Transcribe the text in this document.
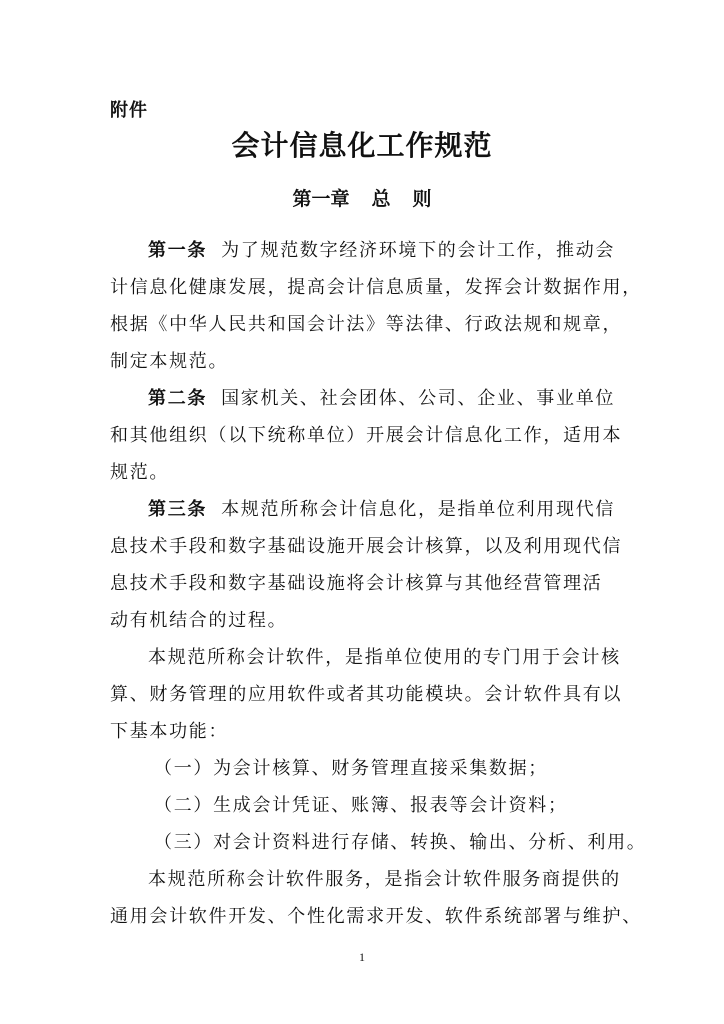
附件
会计信息化工作规范
第一章 总 则
第一条 为了规范数字经济环境下的会计工作，推动会
计信息化健康发展，提高会计信息质量，发挥会计数据作用，
根据《中华人民共和国会计法》等法律、行政法规和规章，
制定本规范。
第二条 国家机关、社会团体、公司、企业、事业单位
和其他组织（以下统称单位）开展会计信息化工作，适用本
规范。
第三条 本规范所称会计信息化，是指单位利用现代信
息技术手段和数字基础设施开展会计核算，以及利用现代信
息技术手段和数字基础设施将会计核算与其他经营管理活
动有机结合的过程。
本规范所称会计软件，是指单位使用的专门用于会计核
算、财务管理的应用软件或者其功能模块。会计软件具有以
下基本功能：
（一）为会计核算、财务管理直接采集数据；
（二）生成会计凭证、账簿、报表等会计资料；
（三）对会计资料进行存储、转换、输出、分析、利用。
本规范所称会计软件服务，是指会计软件服务商提供的
通用会计软件开发、个性化需求开发、软件系统部署与维护、
1
